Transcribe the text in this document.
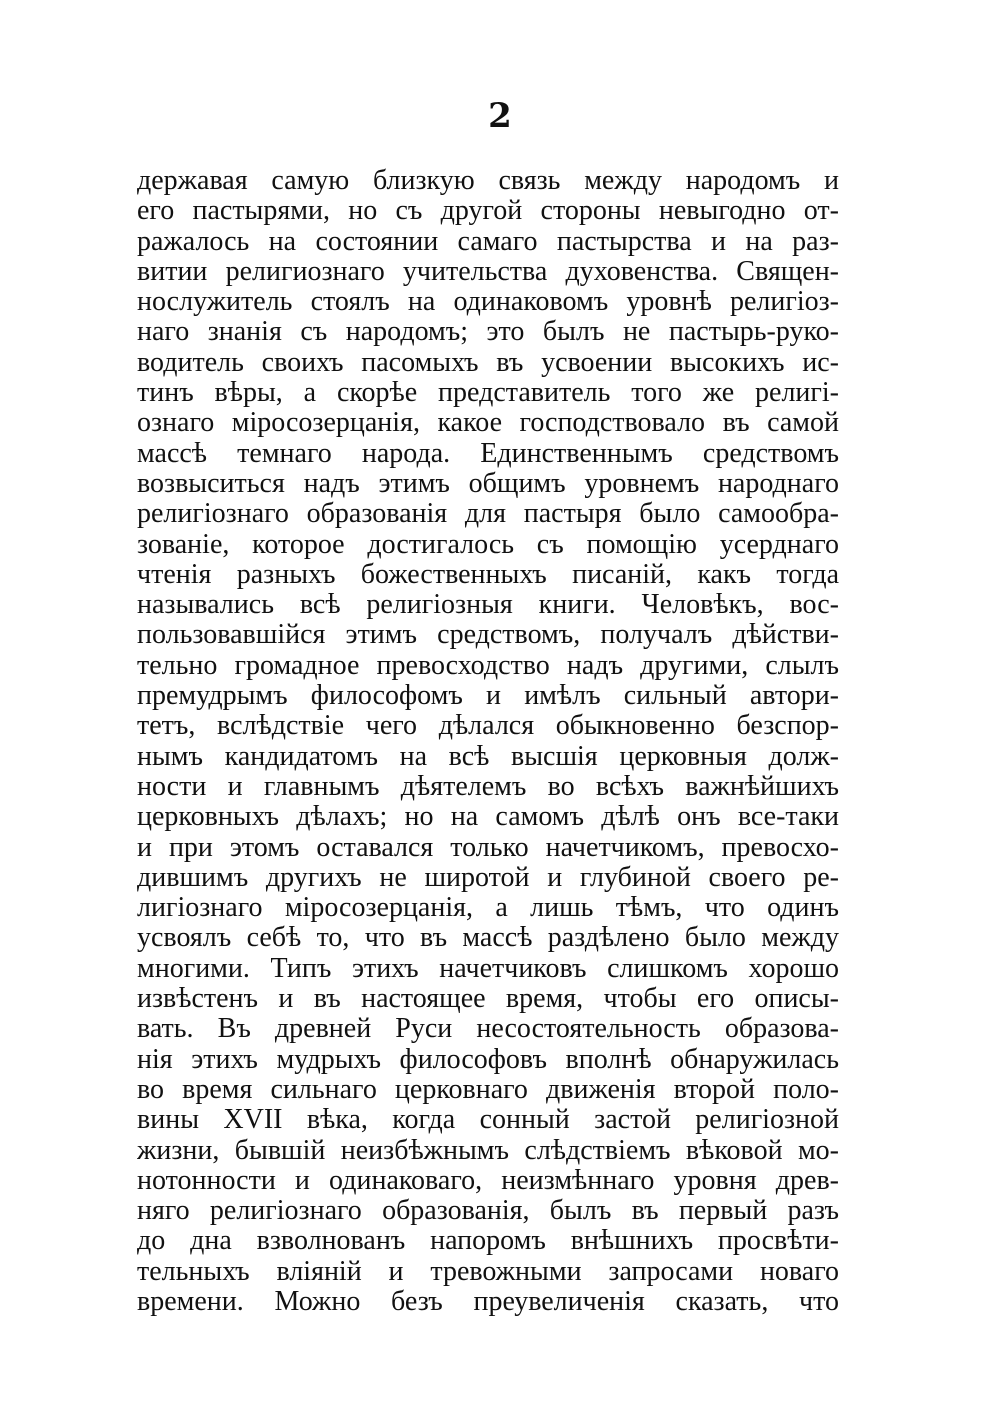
2
державая самую близкую связь между народомъ и
его пастырями, но съ другой стороны невыгодно от-
ражалось на состоянии самаго пастырства и на раз-
витии религиознаго учительства духовенства. Священ-
нослужитель стоялъ на одинаковомъ уровнѣ религіоз-
наго знанія съ народомъ; это былъ не пастырь-руко-
водитель своихъ пасомыхъ въ усвоении высокихъ ис-
тинъ вѣры, а скорѣе представитель того же религі-
ознаго міросозерцанія, какое господствовало въ самой
массѣ темнаго народа. Единственнымъ средствомъ
возвыситься надъ этимъ общимъ уровнемъ народнаго
религіознаго образованія для пастыря было самообра-
зованіе, которое достигалось съ помощію усерднаго
чтенія разныхъ божественныхъ писаній, какъ тогда
назывались всѣ религіозныя книги. Человѣкъ, вос-
пользовавшійся этимъ средствомъ, получалъ дѣйстви-
тельно громадное превосходство надъ другими, слылъ
премудрымъ философомъ и имѣлъ сильный автори-
тетъ, вслѣдствіе чего дѣлался обыкновенно безспор-
нымъ кандидатомъ на всѣ высшія церковныя долж-
ности и главнымъ дѣятелемъ во всѣхъ важнѣйшихъ
церковныхъ дѣлахъ; но на самомъ дѣлѣ онъ все-таки
и при этомъ оставался только начетчикомъ, превосхо-
дившимъ другихъ не широтой и глубиной своего ре-
лигіознаго міросозерцанія, а лишь тѣмъ, что одинъ
усвоялъ себѣ то, что въ массѣ раздѣлено было между
многими. Типъ этихъ начетчиковъ слишкомъ хорошо
извѣстенъ и въ настоящее время, чтобы его описы-
вать. Въ древней Руси несостоятельность образова-
нія этихъ мудрыхъ философовъ вполнѣ обнаружилась
во время сильнаго церковнаго движенія второй поло-
вины XVII вѣка, когда сонный застой религіозной
жизни, бывшій неизбѣжнымъ слѣдствіемъ вѣковой мо-
нотонности и одинаковаго, неизмѣннаго уровня древ-
няго религіознаго образованія, былъ въ первый разъ
до дна взволнованъ напоромъ внѣшнихъ просвѣти-
тельныхъ вліяній и тревожными запросами новаго
времени. Можно безъ преувеличенія сказать, что
